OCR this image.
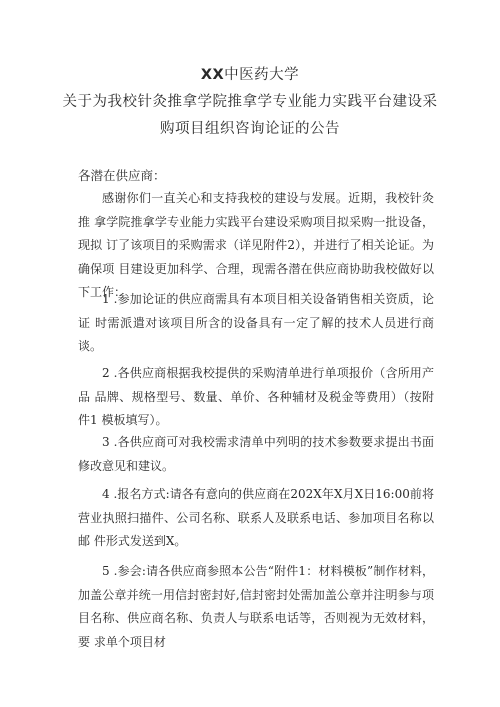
XX中医药大学
关于为我校针灸推拿学院推拿学专业能力实践平台建设采
购项目组织咨询论证的公告
各潜在供应商：
感谢你们一直关心和支持我校的建设与发展。近期，我校针灸推 拿学院推拿学专业能力实践平台建设采购项目拟采购一批设备，现拟 订了该项目的采购需求（详见附件2），并进行了相关论证。为确保项 目建设更加科学、合理，现需各潜在供应商协助我校做好以下工作：
1 .参加论证的供应商需具有本项目相关设备销售相关资质，论证 时需派遣对该项目所含的设备具有一定了解的技术人员进行商谈。
2 .各供应商根据我校提供的采购清单进行单项报价（含所用产品 品牌、规格型号、数量、单价、各种辅材及税金等费用）（按附件1 模板填写）。
3 .各供应商可对我校需求清单中列明的技术参数要求提出书面 修改意见和建议。
4 .报名方式:请各有意向的供应商在202X年X月X日16:00前将 营业执照扫描件、公司名称、联系人及联系电话、参加项目名称以邮 件形式发送到X。
5 .参会:请各供应商参照本公告“附件1：材料模板”制作材料， 加盖公章并统一用信封密封好,信封密封处需加盖公章并注明参与项 目名称、供应商名称、负责人与联系电话等，否则视为无效材料，要 求单个项目材
